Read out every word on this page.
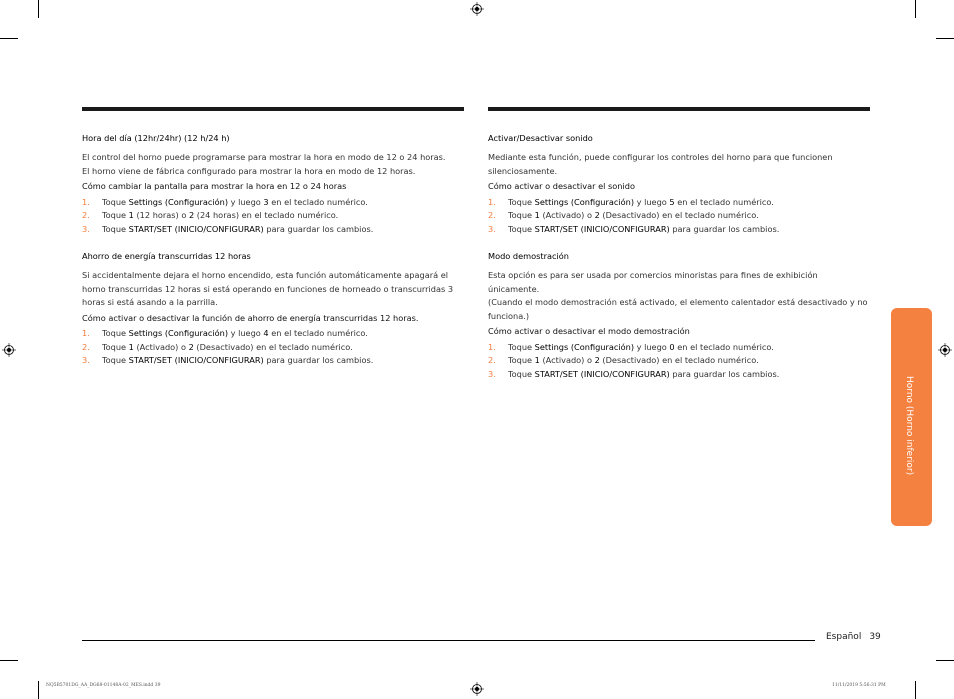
Hora del día (12hr/24hr) (12 h/24 h)

El control del horno puede programarse para mostrar la hora en modo de 12 o 24 horas.

El horno viene de fábrica configurado para mostrar la hora en modo de 12 horas.

Cómo cambiar la pantalla para mostrar la hora en 12 o 24 horas

1. Toque Settings (Configuración) y luego 3 en el teclado numérico.
2. Toque 1 (12 horas) o 2 (24 horas) en el teclado numérico.
3. Toque START/SET (INICIO/CONFIGURAR) para guardar los cambios.
Ahorro de energía transcurridas 12 horas

Si accidentalmente dejara el horno encendido, esta función automáticamente apagará el horno transcurridas 12 horas si está operando en funciones de horneado o transcurridas 3 horas si está asando a la parrilla.

Cómo activar o desactivar la función de ahorro de energía transcurridas 12 horas.

1. Toque Settings (Configuración) y luego 4 en el teclado numérico.
2. Toque 1 (Activado) o 2 (Desactivado) en el teclado numérico.
3. Toque START/SET (INICIO/CONFIGURAR) para guardar los cambios.
Activar/Desactivar sonido

Mediante esta función, puede configurar los controles del horno para que funcionen silenciosamente.

Cómo activar o desactivar el sonido

1. Toque Settings (Configuración) y luego 5 en el teclado numérico.
2. Toque 1 (Activado) o 2 (Desactivado) en el teclado numérico.
3. Toque START/SET (INICIO/CONFIGURAR) para guardar los cambios.
Modo demostración

Esta opción es para ser usada por comercios minoristas para fines de exhibición únicamente.

(Cuando el modo demostración está activado, el elemento calentador está desactivado y no funciona.)

Cómo activar o desactivar el modo demostración

1. Toque Settings (Configuración) y luego 0 en el teclado numérico.
2. Toque 1 (Activado) o 2 (Desactivado) en el teclado numérico.
3. Toque START/SET (INICIO/CONFIGURAR) para guardar los cambios.
Horno (Horno inferior)
Español 39
NQ5B5701DG_AA_DG68-01148A-02_MES.indd 39	11/11/2019 5:56:31 PM
